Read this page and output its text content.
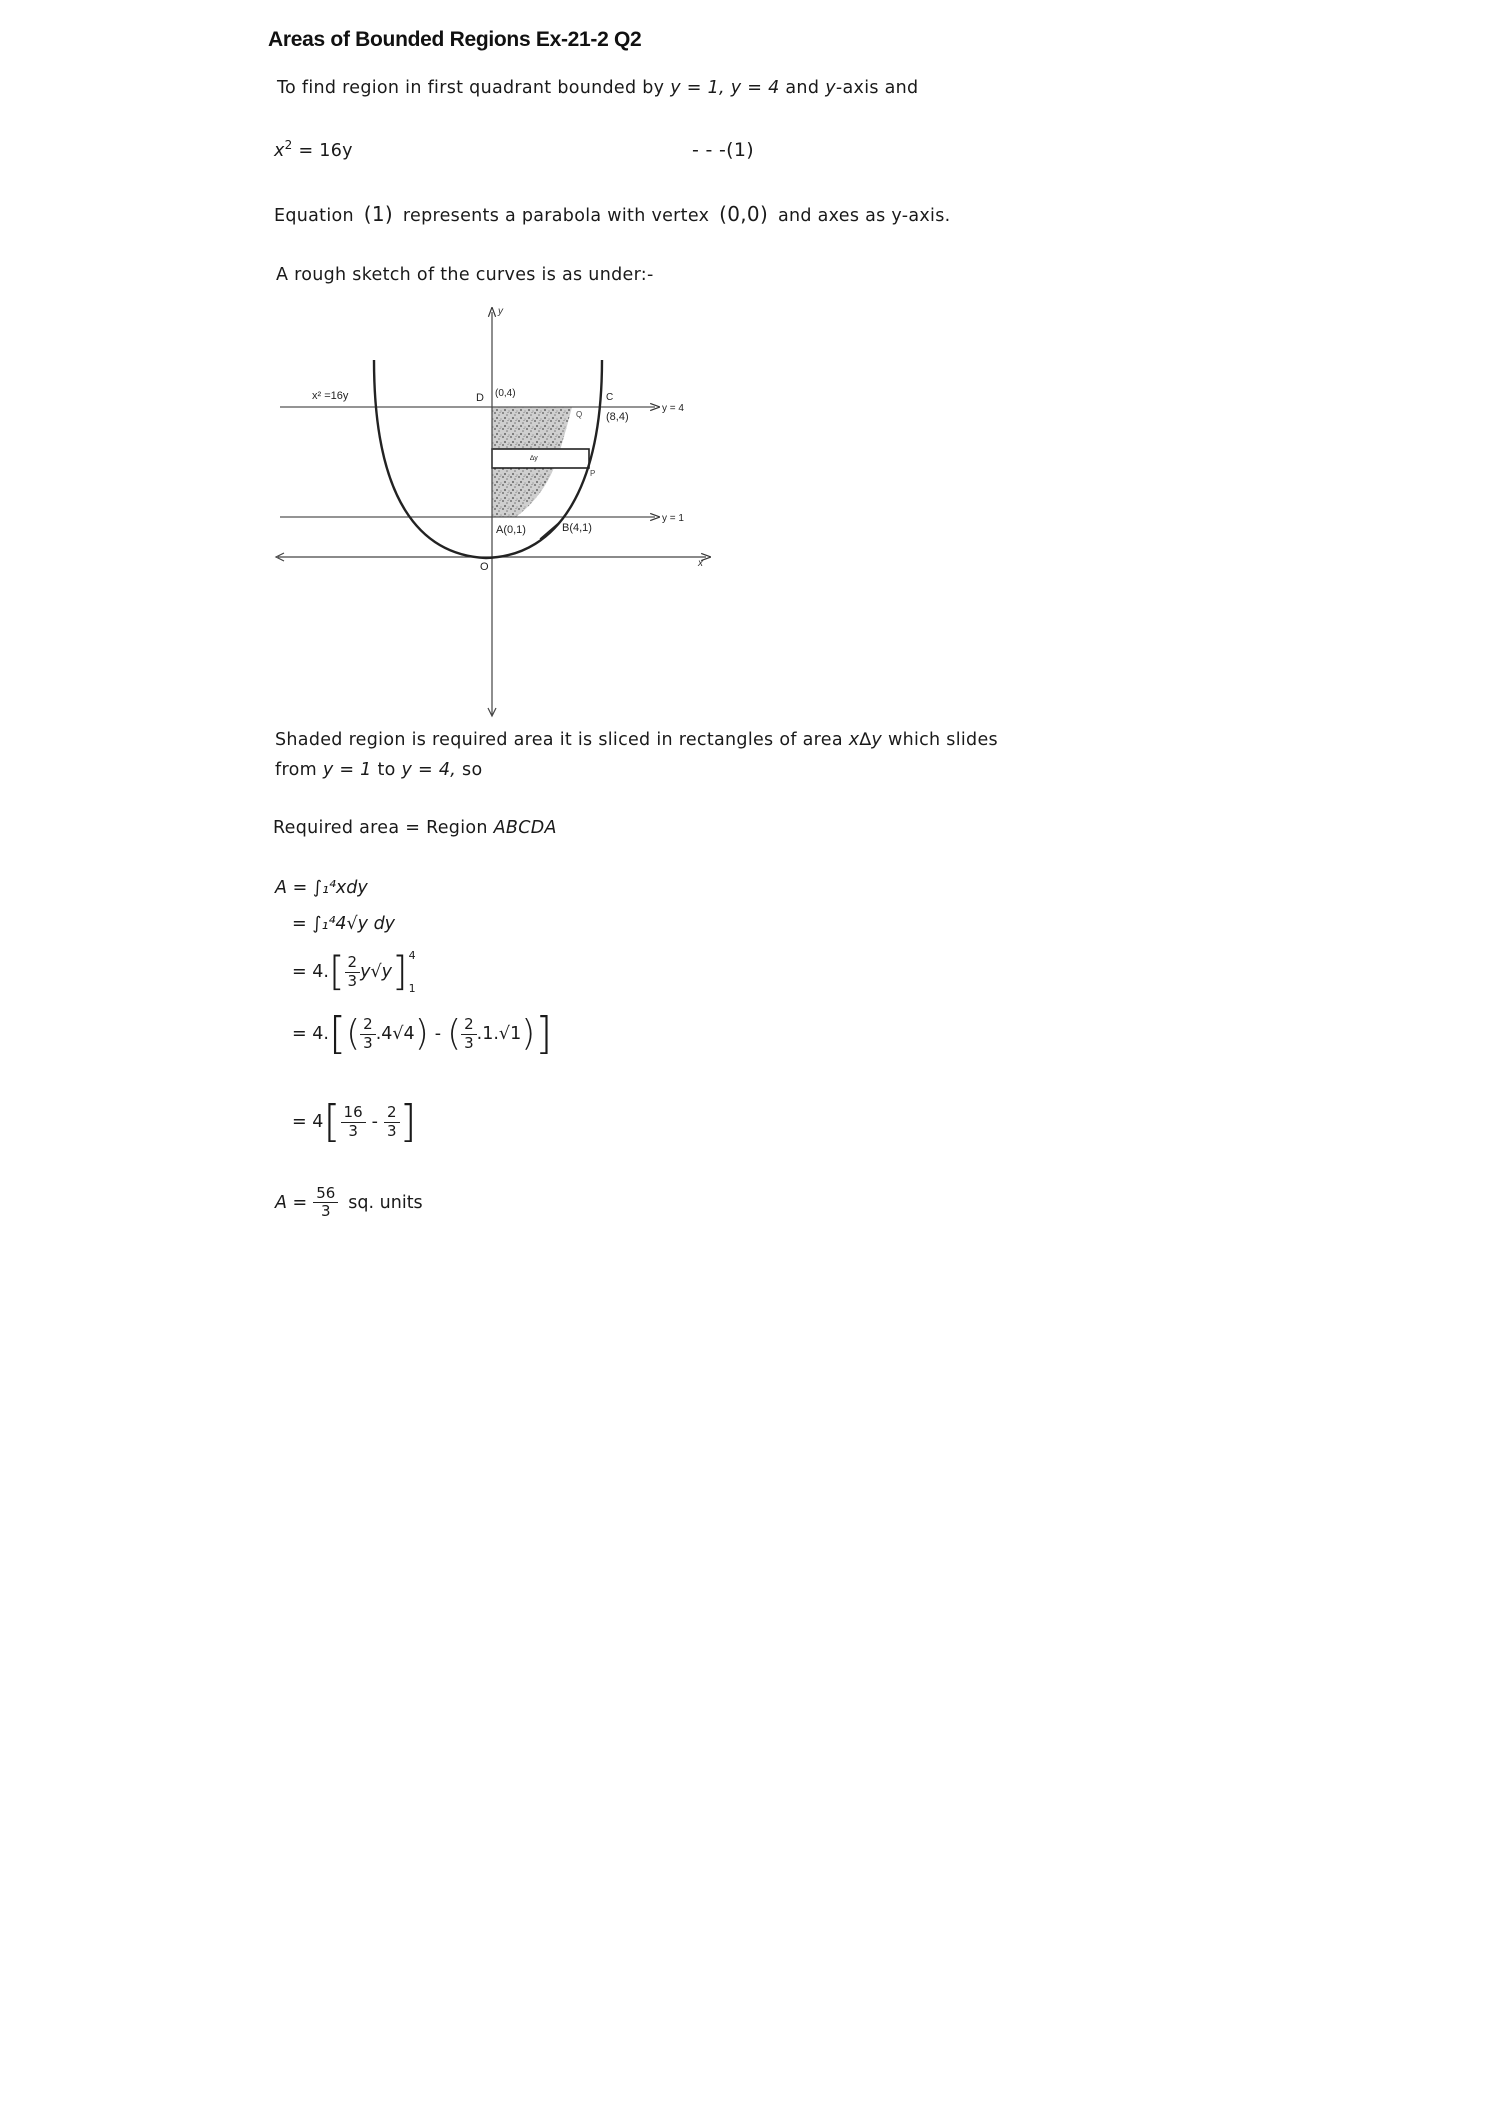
Areas of Bounded Regions Ex-21-2 Q2
To find region in first quadrant bounded by y = 1, y = 4 and y-axis and
$x^2 = 16y$	- - -(1)
Equation (1) represents a parabola with vertex (0,0) and axes as y-axis.
A rough sketch of the curves is as under:-
∆y
y
x
x² =16y	D (0,4)	C
(8,4)
Q
P
y = 4
y = 1
A(0,1)	B(4,1)
O
Shaded region is required area it is sliced in rectangles of area x∆y which slides
from y = 1 to y = 4, so
Required area = Region ABCDA
A = ∫₁⁴xdy
= ∫₁⁴4√y dy
= 4. [ $\frac{2}{3} y√y$ ] 4
1
= 4. [ ( $\frac{2}{3} .4√4$ ) - ( $\frac{2}{3} .1.√1$ ) ]
= 4 [ $\frac{16}{3} - \frac{2}{3}$ ]
$A = \frac{56}{3}$ sq. units
